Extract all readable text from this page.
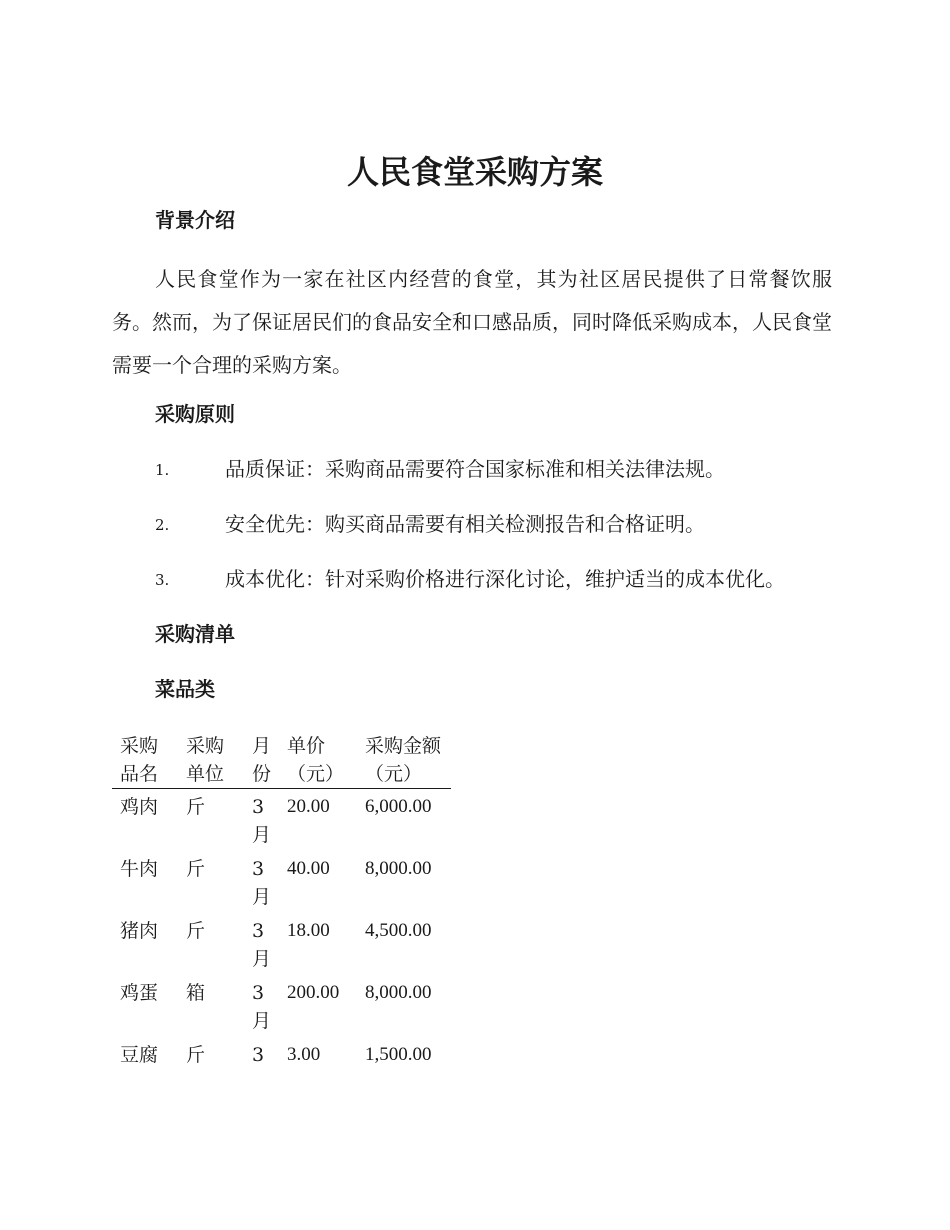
人民食堂采购方案
背景介绍

人民食堂作为一家在社区内经营的食堂，其为社区居民提供了日常餐饮服务。然而，为了保证居民们的食品安全和口感品质，同时降低采购成本，人民食堂需要一个合理的采购方案。

采购原则
1.	品质保证：采购商品需要符合国家标准和相关法律法规。
2.	安全优先：购买商品需要有相关检测报告和合格证明。
3.	成本优化：针对采购价格进行深化讨论，维护适当的成本优化。
采购清单
菜品类
采购品名	采购单位	月份	单价（元）	采购金额（元）
鸡肉	斤	3月	20.00	6,000.00
牛肉	斤	3月	40.00	8,000.00
猪肉	斤	3月	18.00	4,500.00
鸡蛋	箱	3月	200.00	8,000.00
豆腐	斤	3	3.00	1,500.00
